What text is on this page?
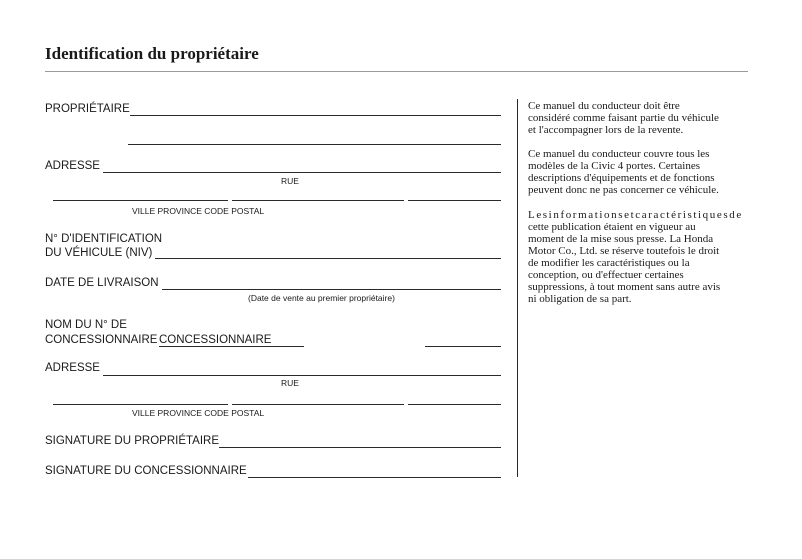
Identification du propriétaire
PROPRIÉTAIRE
ADRESSE
RUE
VILLE PROVINCE CODE POSTAL
N° D'IDENTIFICATION
DU VÉHICULE (NIV)
DATE DE LIVRAISON
(Date de vente au premier propriétaire)
NOM DU N° DE
CONCESSIONNAIRE CONCESSIONNAIRE
ADRESSE
RUE
VILLE PROVINCE CODE POSTAL
SIGNATURE DU PROPRIÉTAIRE
SIGNATURE DU CONCESSIONNAIRE

Ce manuel du conducteur doit être
considéré comme faisant partie du véhicule
et l'accompagner lors de la revente.

Ce manuel du conducteur couvre tous les
modèles de la Civic 4 portes. Certaines
descriptions d'équipements et de fonctions
peuvent donc ne pas concerner ce véhicule.

Lesinformationsetcaractéristiquesde

cette publication étaient en vigueur au
moment de la mise sous presse. La Honda
Motor Co., Ltd. se réserve toutefois le droit
de modifier les caractéristiques ou la
conception, ou d'effectuer certaines
suppressions, à tout moment sans autre avis
ni obligation de sa part.
